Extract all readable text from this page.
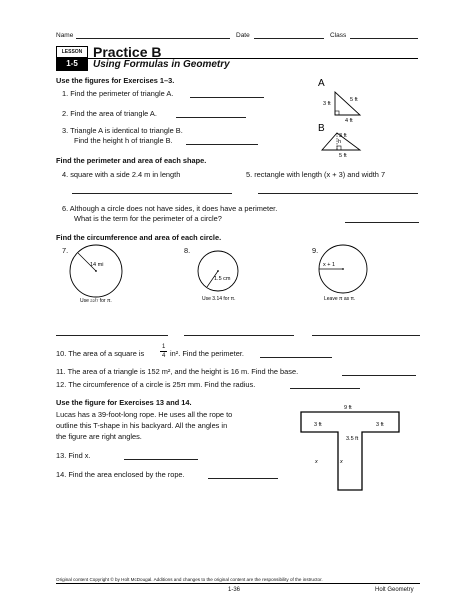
Name	Date	Class
LESSON
1-5
Practice B
Using Formulas in Geometry
Use the figures for Exercises 1–3.
1. Find the perimeter of triangle A.
2. Find the area of triangle A.
3. Triangle A is identical to triangle B.
Find the height h of triangle B.
A
3 ft
5 ft
4 ft
B
h
3 ft
5 ft
Find the perimeter and area of each shape.
4. square with a side 2.4 m in length	5. rectangle with length (x + 3) and width 7
6. Although a circle does not have sides, it does have a perimeter.
What is the term for the perimeter of a circle?
Find the circumference and area of each circle.
7.	8.	9.
14 mi
Use 22/7 for π.
1.5 cm
Use 3.14 for π.
x + 1
Leave π as π.
10. The area of a square is
1
4 in². Find the perimeter.
11. The area of a triangle is 152 m², and the height is 16 m. Find the base.
12. The circumference of a circle is 25π mm. Find the radius.
Use the figure for Exercises 13 and 14.
Lucas has a 39-foot-long rope. He uses all the rope to
outline this T-shape in his backyard. All the angles in
the figure are right angles.
13. Find x.
14. Find the area enclosed by the rope.
9 ft
3 ft	3 ft
3.5 ft
x	x
Original content Copyright © by Holt McDougal. Additions and changes to the original content are the responsibility of the instructor.
1-36	Holt Geometry
